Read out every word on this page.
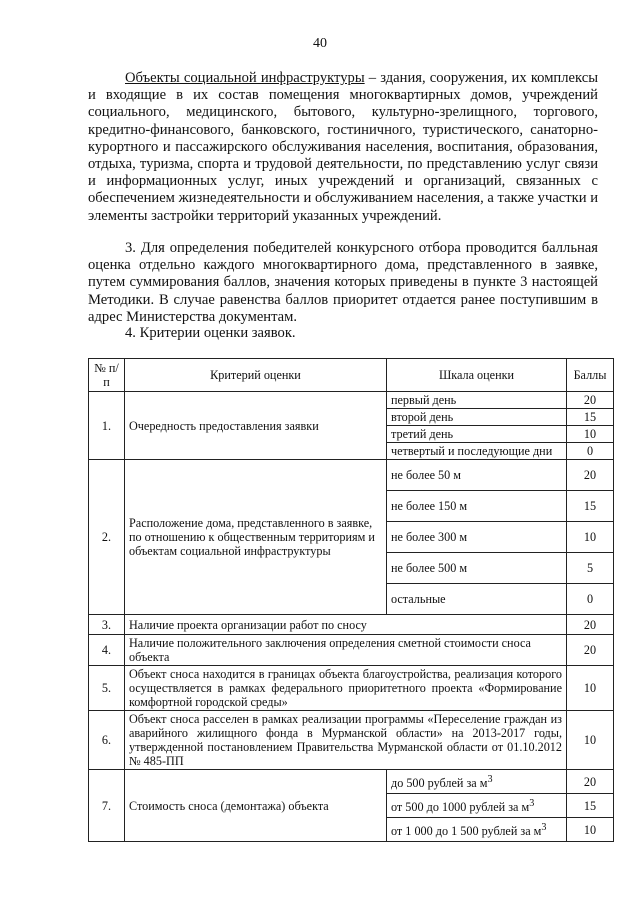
40
Объекты социальной инфраструктуры – здания, сооружения, их комплексы и входящие в их состав помещения многоквартирных домов, учреждений социального, медицинского, бытового, культурно-зрелищного, торгового, кредитно-финансового, банковского, гостиничного, туристического, санаторно-курортного и пассажирского обслуживания населения, воспитания, образования, отдыха, туризма, спорта и трудовой деятельности, по представлению услуг связи и информационных услуг, иных учреждений и организаций, связанных с обеспечением жизнедеятельности и обслуживанием населения, а также участки и элементы застройки территорий указанных учреждений.
3. Для определения победителей конкурсного отбора проводится балльная оценка отдельно каждого многоквартирного дома, представленного в заявке, путем суммирования баллов, значения которых приведены в пункте 3 настоящей Методики. В случае равенства баллов приоритет отдается ранее поступившим в адрес Министерства документам.
4. Критерии оценки заявок.
№ п/п	Критерий оценки	Шкала оценки	Баллы
1.	Очередность предоставления заявки	первый день	20
		второй день	15
		третий день	10
		четвертый и последующие дни	0
2.	Расположение дома, представленного в заявке, по отношению к общественным территориям и объектам социальной инфраструктуры	не более 50 м	20
		не более 150 м	15
		не более 300 м	10
		не более 500 м	5
		остальные	0
3.	Наличие проекта организации работ по сносу		20
4.	Наличие положительного заключения определения сметной стоимости сноса объекта		20
5.	Объект сноса находится в границах объекта благоустройства, реализация которого осуществляется в рамках федерального приоритетного проекта «Формирование комфортной городской среды»		10
6.	Объект сноса расселен в рамках реализации программы «Переселение граждан из аварийного жилищного фонда в Мурманской области» на 2013-2017 годы, утвержденной постановлением Правительства Мурманской области от 01.10.2012 № 485-ПП		10
7.	Стоимость сноса (демонтажа) объекта	до 500 рублей за $м^3$	20
		от 500 до 1000 рублей за $м^3$	15
		от 1 000 до 1 500 рублей за $м^3$	10
